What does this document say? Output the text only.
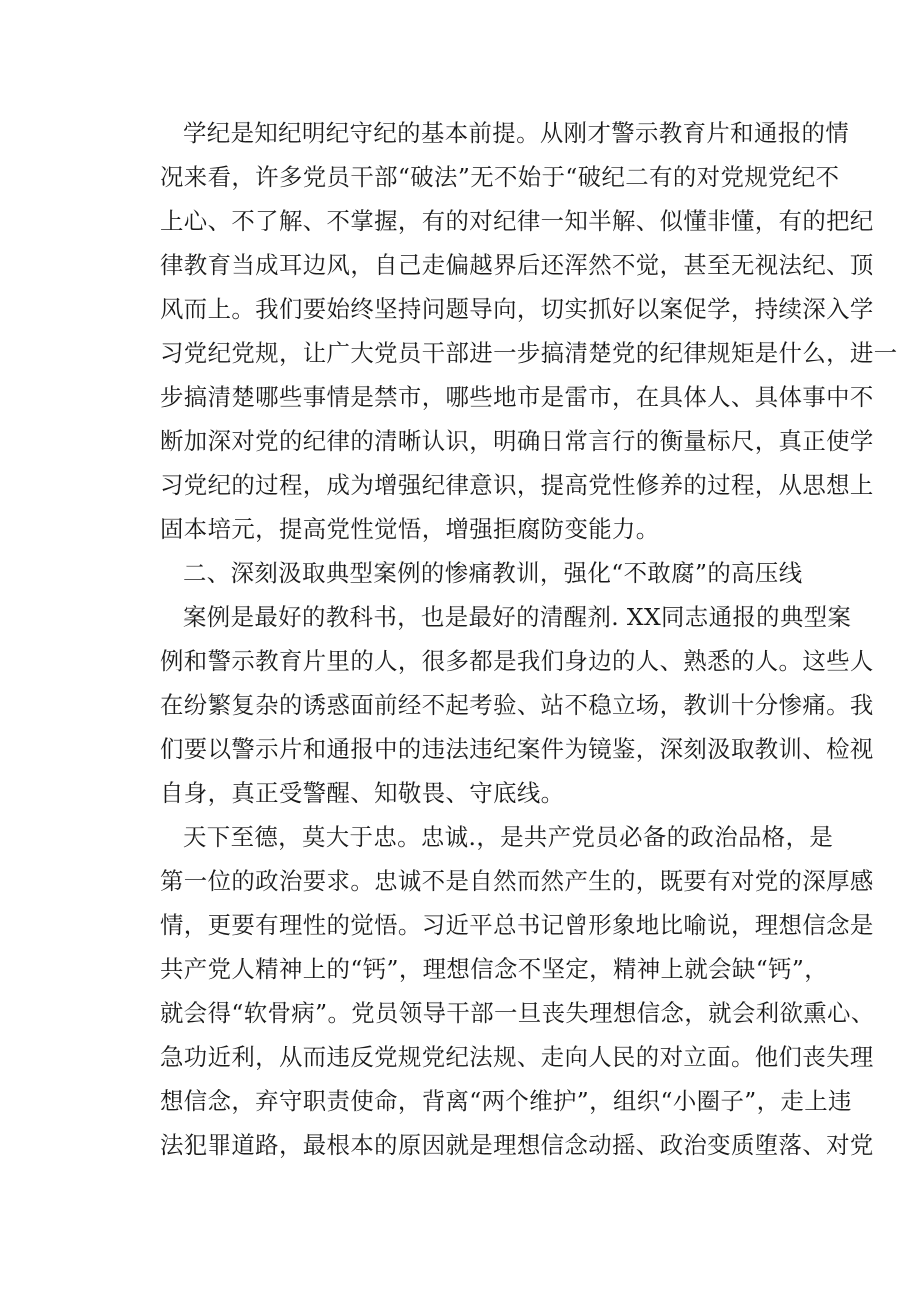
学纪是知纪明纪守纪的基本前提。从刚才警示教育片和通报的情
况来看，许多党员干部“破法”无不始于“破纪二有的对党规党纪不
上心、不了解、不掌握，有的对纪律一知半解、似懂非懂，有的把纪
律教育当成耳边风，自己走偏越界后还浑然不觉，甚至无视法纪、顶
风而上。我们要始终坚持问题导向，切实抓好以案促学，持续深入学
习党纪党规，让广大党员干部进一步搞清楚党的纪律规矩是什么，进一
步搞清楚哪些事情是禁市，哪些地市是雷市，在具体人、具体事中不
断加深对党的纪律的清晰认识，明确日常言行的衡量标尺，真正使学
习党纪的过程，成为增强纪律意识，提高党性修养的过程，从思想上
固本培元，提高党性觉悟，增强拒腐防变能力。
二、深刻汲取典型案例的惨痛教训，强化“不敢腐”的高压线
案例是最好的教科书，也是最好的清醒剂. XX同志通报的典型案
例和警示教育片里的人，很多都是我们身边的人、熟悉的人。这些人
在纷繁复杂的诱惑面前经不起考验、站不稳立场，教训十分惨痛。我
们要以警示片和通报中的违法违纪案件为镜鉴，深刻汲取教训、检视
自身，真正受警醒、知敬畏、守底线。
天下至德，莫大于忠。忠诚.，是共产党员必备的政治品格，是
第一位的政治要求。忠诚不是自然而然产生的，既要有对党的深厚感
情，更要有理性的觉悟。习近平总书记曾形象地比喻说，理想信念是
共产党人精神上的“钙”，理想信念不坚定，精神上就会缺“钙”，
就会得“软骨病”。党员领导干部一旦丧失理想信念，就会利欲熏心、
急功近利，从而违反党规党纪法规、走向人民的对立面。他们丧失理
想信念，弃守职责使命，背离“两个维护”，组织“小圈子”，走上违
法犯罪道路，最根本的原因就是理想信念动摇、政治变质堕落、对党
